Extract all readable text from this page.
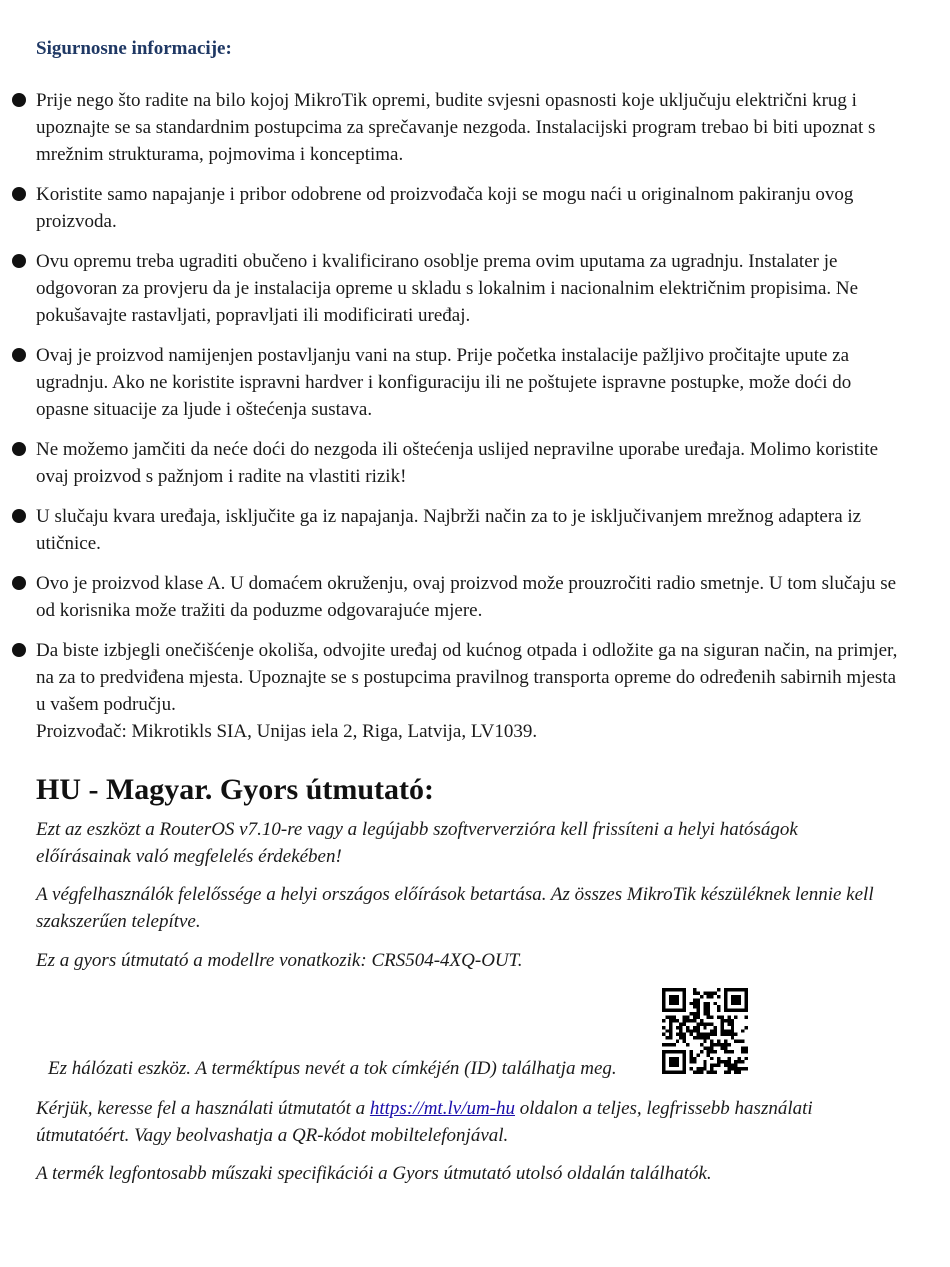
Sigurnosne informacije:
Prije nego što radite na bilo kojoj MikroTik opremi, budite svjesni opasnosti koje uključuju električni krug i upoznajte se sa standardnim postupcima za sprečavanje nezgoda. Instalacijski program trebao bi biti upoznat s mrežnim strukturama, pojmovima i konceptima.
Koristite samo napajanje i pribor odobrene od proizvođača koji se mogu naći u originalnom pakiranju ovog proizvoda.
Ovu opremu treba ugraditi obučeno i kvalificirano osoblje prema ovim uputama za ugradnju. Instalater je odgovoran za provjeru da je instalacija opreme u skladu s lokalnim i nacionalnim električnim propisima. Ne pokušavajte rastavljati, popravljati ili modificirati uređaj.
Ovaj je proizvod namijenjen postavljanju vani na stup. Prije početka instalacije pažljivo pročitajte upute za ugradnju. Ako ne koristite ispravni hardver i konfiguraciju ili ne poštujete ispravne postupke, može doći do opasne situacije za ljude i oštećenja sustava.
Ne možemo jamčiti da neće doći do nezgoda ili oštećenja uslijed nepravilne uporabe uređaja. Molimo koristite ovaj proizvod s pažnjom i radite na vlastiti rizik!
U slučaju kvara uređaja, isključite ga iz napajanja. Najbrži način za to je isključivanjem mrežnog adaptera iz utičnice.
Ovo je proizvod klase A. U domaćem okruženju, ovaj proizvod može prouzročiti radio smetnje. U tom slučaju se od korisnika može tražiti da poduzme odgovarajuće mjere.
Da biste izbjegli onečišćenje okoliša, odvojite uređaj od kućnog otpada i odložite ga na siguran način, na primjer, na za to predviđena mjesta. Upoznajte se s postupcima pravilnog transporta opreme do određenih sabirnih mjesta u vašem području.
Proizvođač: Mikrotikls SIA, Unijas iela 2, Riga, Latvija, LV1039.
HU - Magyar. Gyors útmutató:

Ezt az eszközt a RouterOS v7.10-re vagy a legújabb szoftververzióra kell frissíteni a helyi hatóságok előírásainak való megfelelés érdekében!

A végfelhasználók felelőssége a helyi országos előírások betartása. Az összes MikroTik készüléknek lennie kell szakszerűen telepítve.

Ez a gyors útmutató a modellre vonatkozik: CRS504-4XQ-OUT.

Ez hálózati eszköz. A terméktípus nevét a tok címkéjén (ID) találhatja meg.

Kérjük, keresse fel a használati útmutatót a https://mt.lv/um-hu oldalon a teljes, legfrissebb használati útmutatóért. Vagy beolvashatja a QR-kódot mobiltelefonjával.

A termék legfontosabb műszaki specifikációi a Gyors útmutató utolsó oldalán találhatók.
